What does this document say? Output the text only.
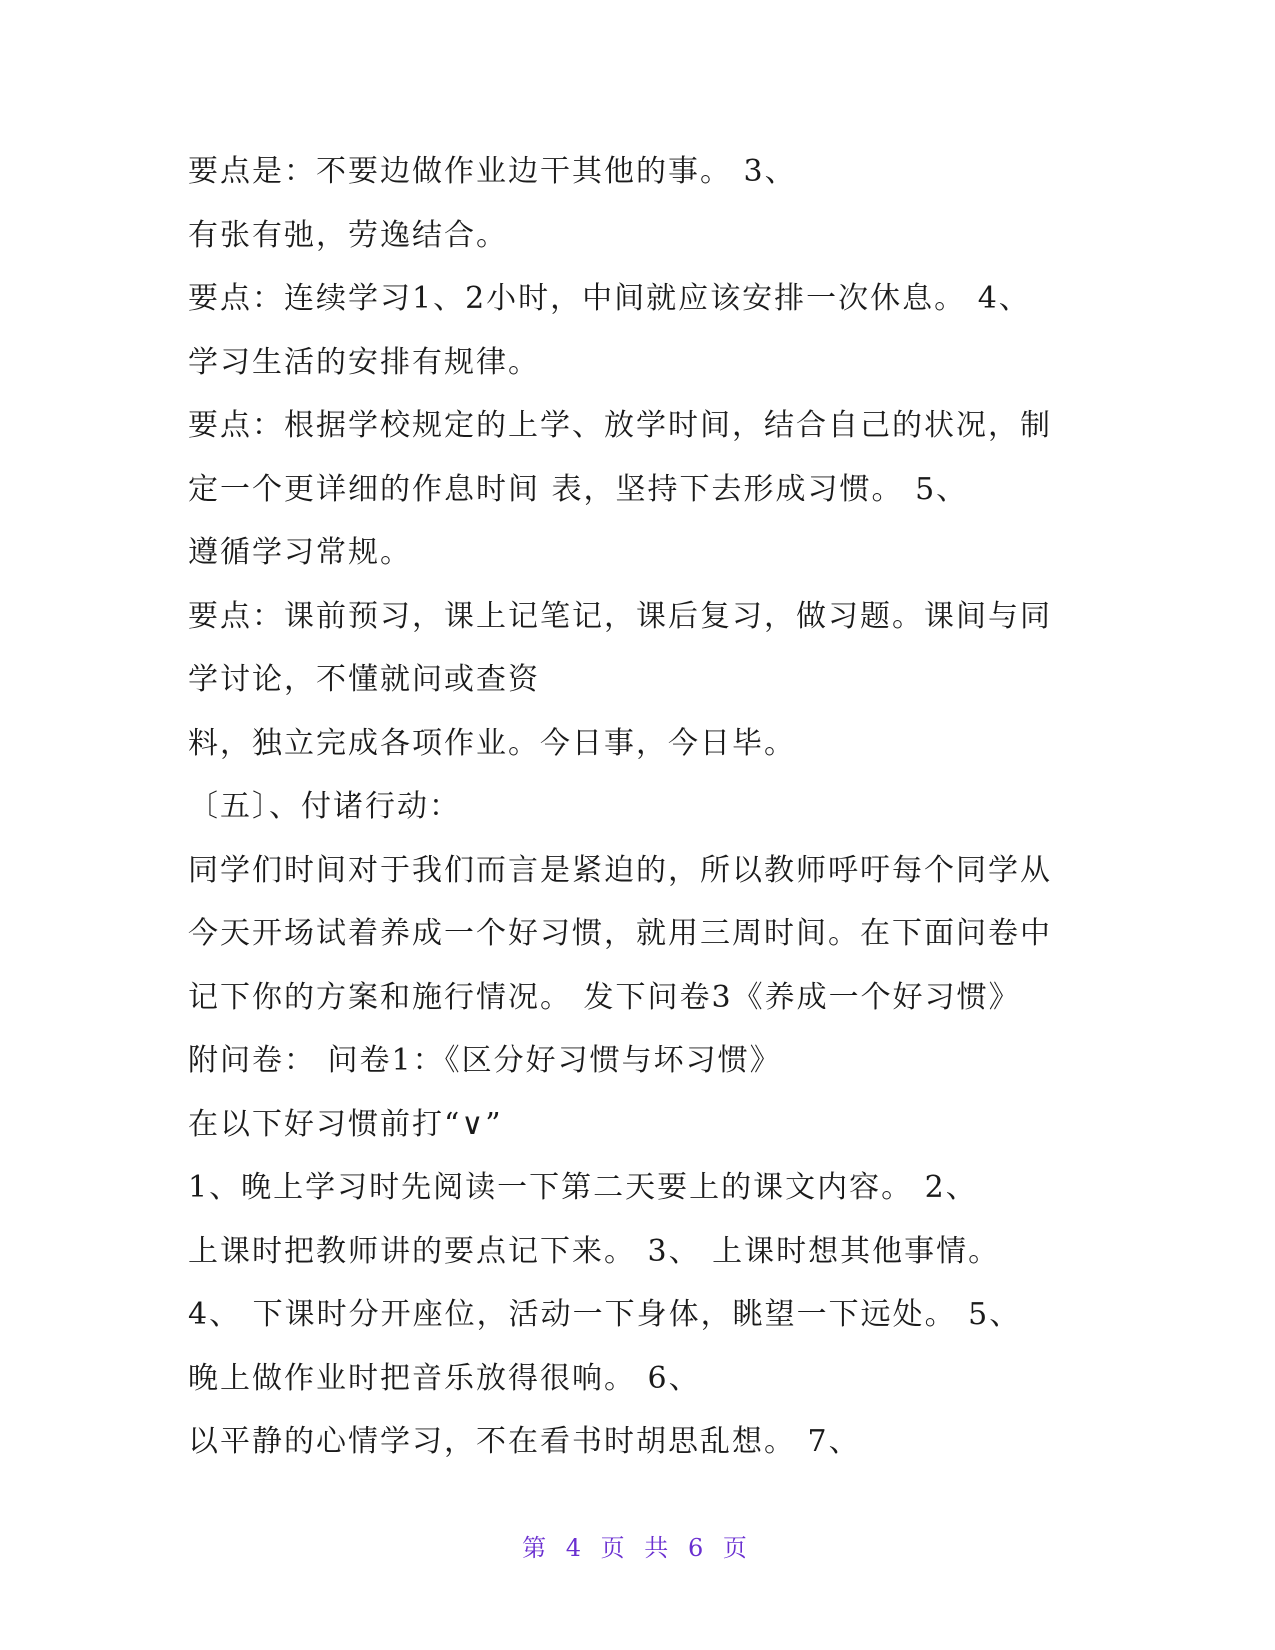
要点是：不要边做作业边干其他的事。 3、
有张有弛，劳逸结合。
要点：连续学习1、2小时，中间就应该安排一次休息。 4、
学习生活的安排有规律。
要点：根据学校规定的上学、放学时间，结合自己的状况，制
定一个更详细的作息时间 表，坚持下去形成习惯。 5、
遵循学习常规。
要点：课前预习，课上记笔记，课后复习，做习题。课间与同
学讨论，不懂就问或查资
料，独立完成各项作业。今日事，今日毕。
〔五〕、付诸行动：
同学们时间对于我们而言是紧迫的，所以教师呼吁每个同学从
今天开场试着养成一个好习惯，就用三周时间。在下面问卷中
记下你的方案和施行情况。 发下问卷3《养成一个好习惯》
附问卷： 问卷1：《区分好习惯与坏习惯》
在以下好习惯前打“∨”
1、晚上学习时先阅读一下第二天要上的课文内容。 2、
上课时把教师讲的要点记下来。 3、 上课时想其他事情。
4、 下课时分开座位，活动一下身体，眺望一下远处。 5、
晚上做作业时把音乐放得很响。 6、
以平静的心情学习，不在看书时胡思乱想。 7、
第 4 页 共 6 页
